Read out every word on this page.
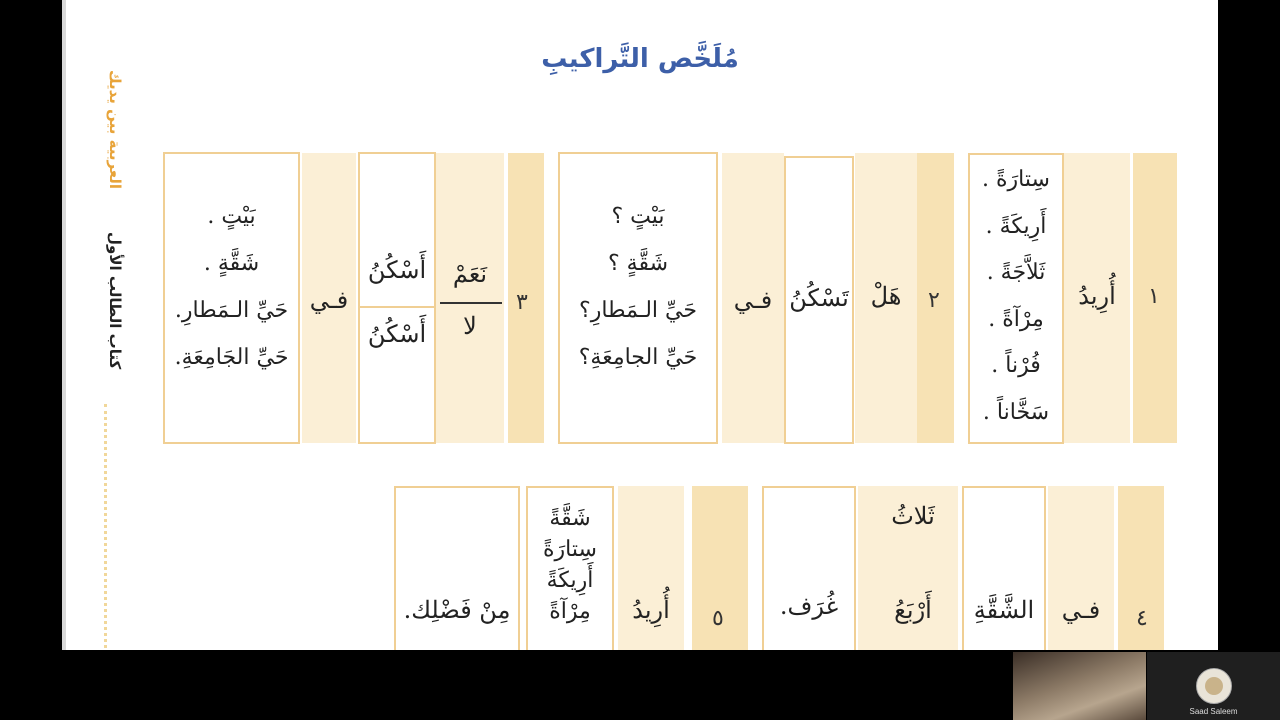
مُلَخَّص التَّراكيبِ
العربية بين يديك
كتاب الطالب الأول	١
أُرِيدُ
سِتارَةً .
أَرِيكَةً .
ثَلاَّجَةً .
مِرْآةً .
فُرْناً .
سَخَّاناً .
٢
هَلْ
تَسْكُنُ
فـي
بَيْتٍ ؟
شَقَّةٍ ؟
حَيِّ الـمَطارِ؟
حَيِّ الجامِعَةِ؟
٣
نَعَمْ
لا
أَسْكُنُ
أَسْكُنُ
فـي
بَيْتٍ .
شَقَّةٍ .
حَيِّ الـمَطارِ.
حَيِّ الجَامِعَةِ.
٤
فـي
الشَّقَّةِ
ثَلاثُ
أَرْبَعُ
غُرَف.
٥
أُرِيدُ
شَقَّةً
سِتارَةً
أَرِيكَةً
مِرْآةً
مِنْ فَضْلِك.
Saad Saleem
